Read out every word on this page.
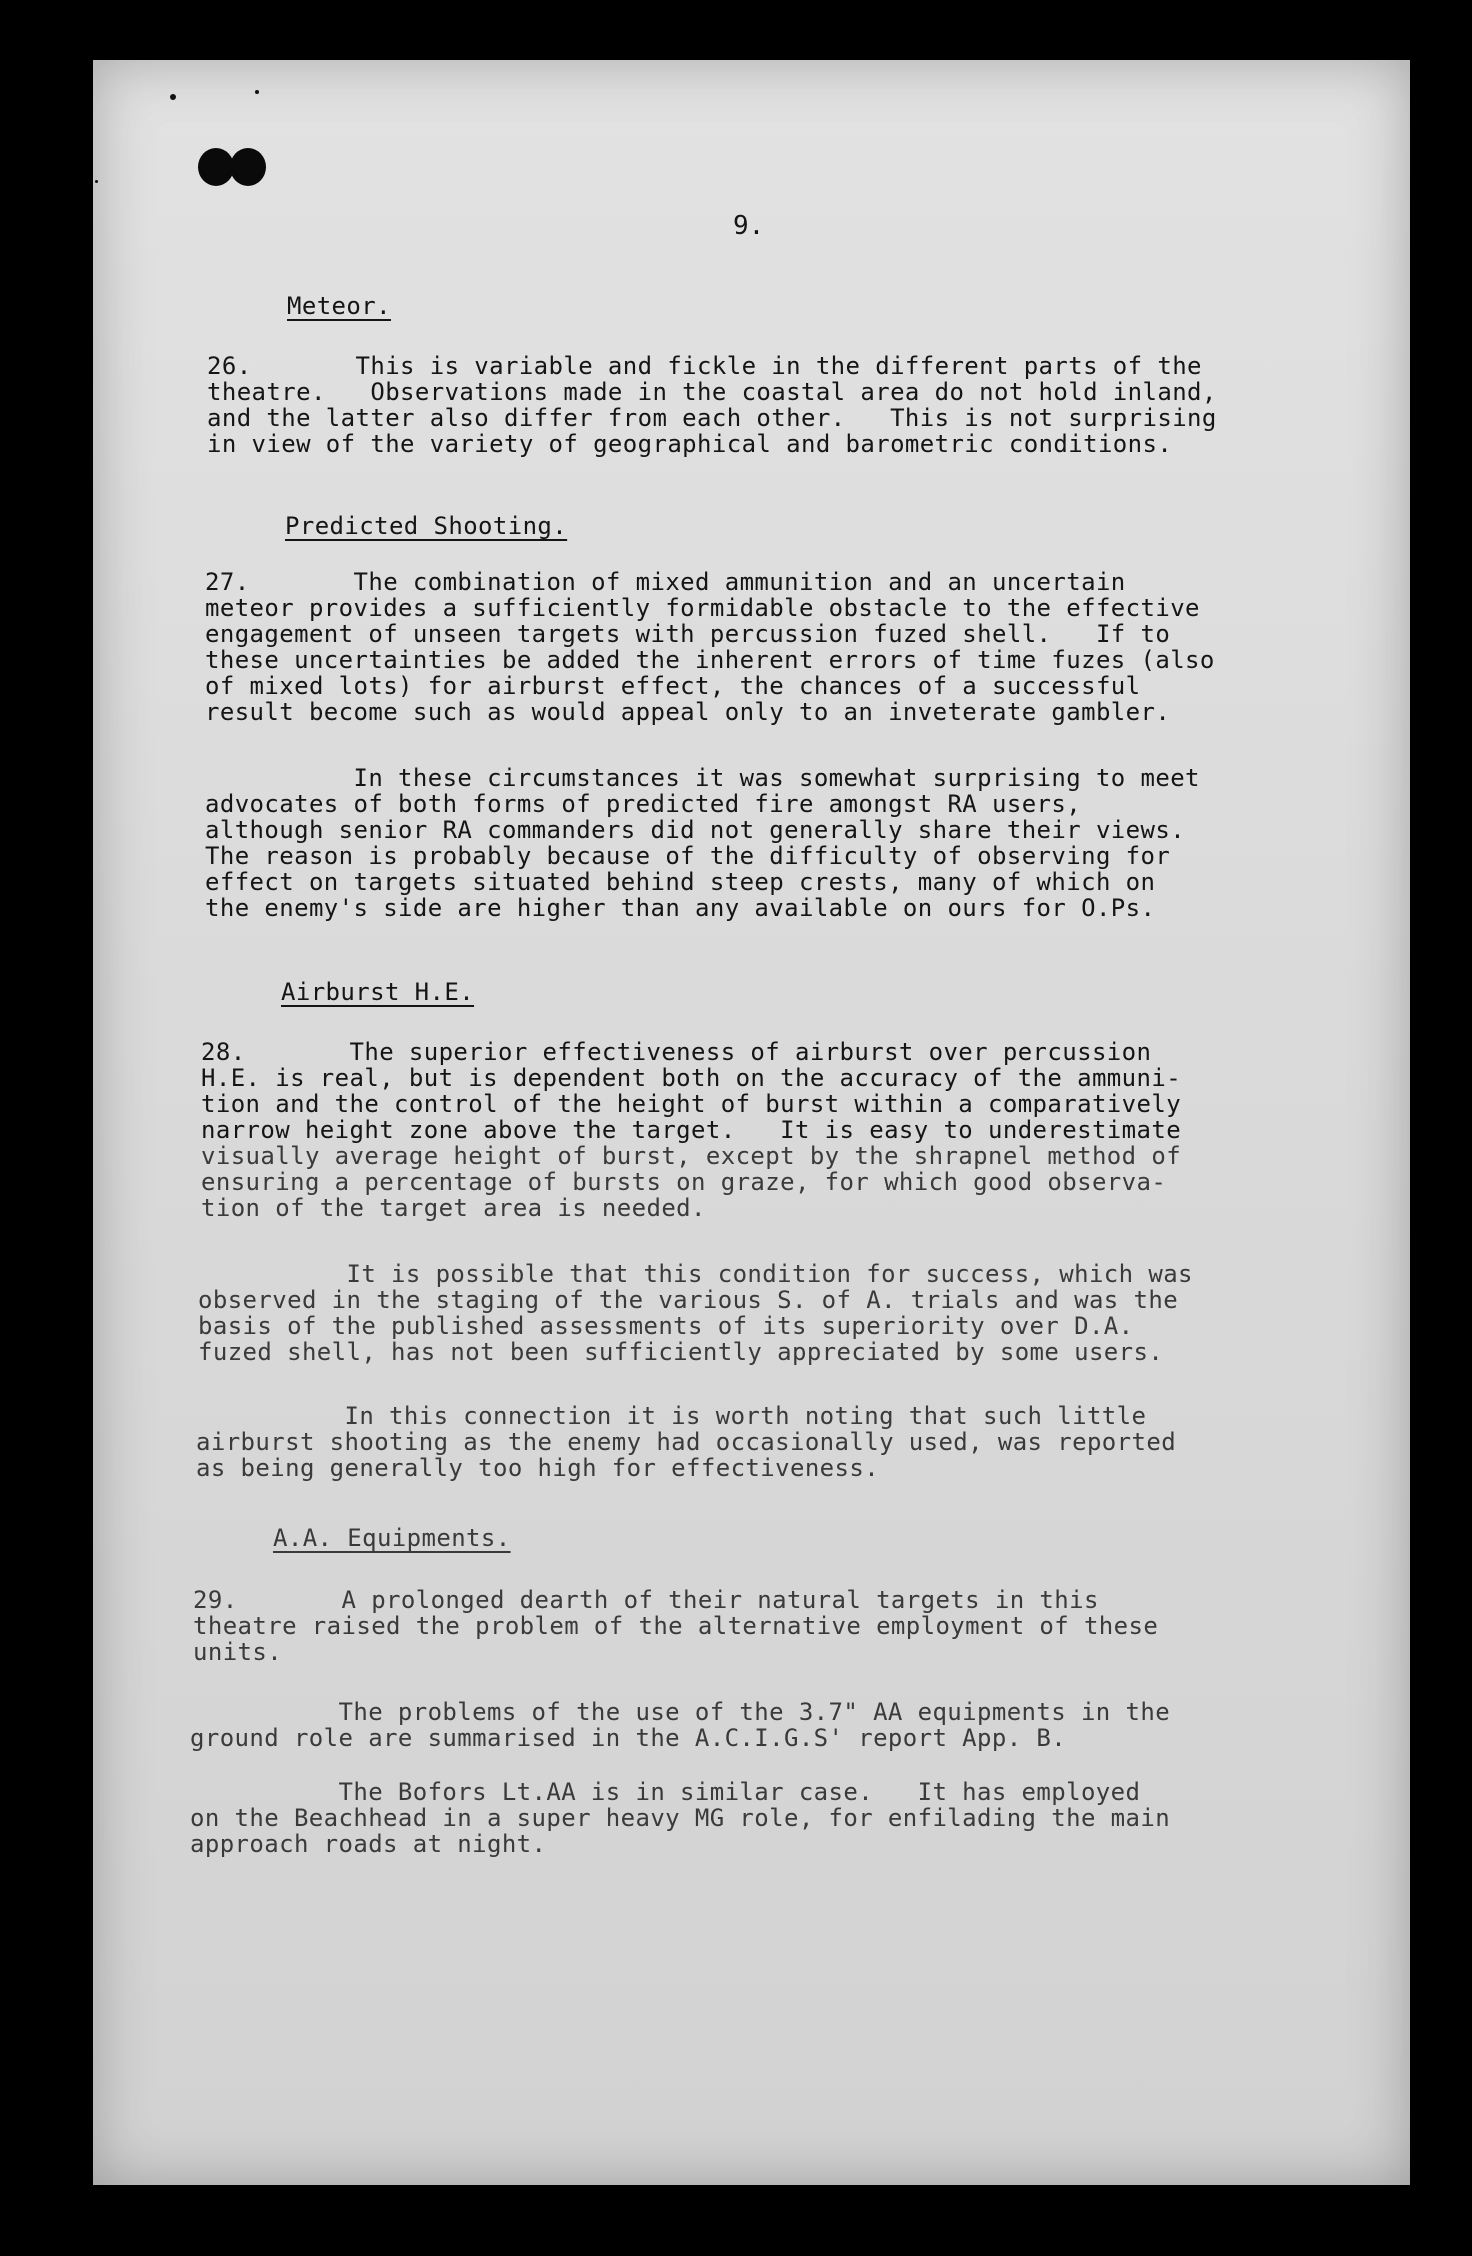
9.
Meteor.
26.       This is variable and fickle in the different parts of the
theatre.   Observations made in the coastal area do not hold inland,
and the latter also differ from each other.   This is not surprising
in view of the variety of geographical and barometric conditions.
Predicted Shooting.
27.       The combination of mixed ammunition and an uncertain
meteor provides a sufficiently formidable obstacle to the effective
engagement of unseen targets with percussion fuzed shell.   If to
these uncertainties be added the inherent errors of time fuzes (also
of mixed lots) for airburst effect, the chances of a successful
result become such as would appeal only to an inveterate gambler.
In these circumstances it was somewhat surprising to meet
advocates of both forms of predicted fire amongst RA users,
although senior RA commanders did not generally share their views.
The reason is probably because of the difficulty of observing for
effect on targets situated behind steep crests, many of which on
the enemy's side are higher than any available on ours for O.Ps.
Airburst H.E.
28.       The superior effectiveness of airburst over percussion
H.E. is real, but is dependent both on the accuracy of the ammuni-
tion and the control of the height of burst within a comparatively
narrow height zone above the target.   It is easy to underestimate
visually average height of burst, except by the shrapnel method of
ensuring a percentage of bursts on graze, for which good observa-
tion of the target area is needed.
It is possible that this condition for success, which was
observed in the staging of the various S. of A. trials and was the
basis of the published assessments of its superiority over D.A.
fuzed shell, has not been sufficiently appreciated by some users.
In this connection it is worth noting that such little
airburst shooting as the enemy had occasionally used, was reported
as being generally too high for effectiveness.
A.A. Equipments.
29.       A prolonged dearth of their natural targets in this
theatre raised the problem of the alternative employment of these
units.
The problems of the use of the 3.7" AA equipments in the
ground role are summarised in the A.C.I.G.S' report App. B.
The Bofors Lt.AA is in similar case.   It has employed
on the Beachhead in a super heavy MG role, for enfilading the main
approach roads at night.
